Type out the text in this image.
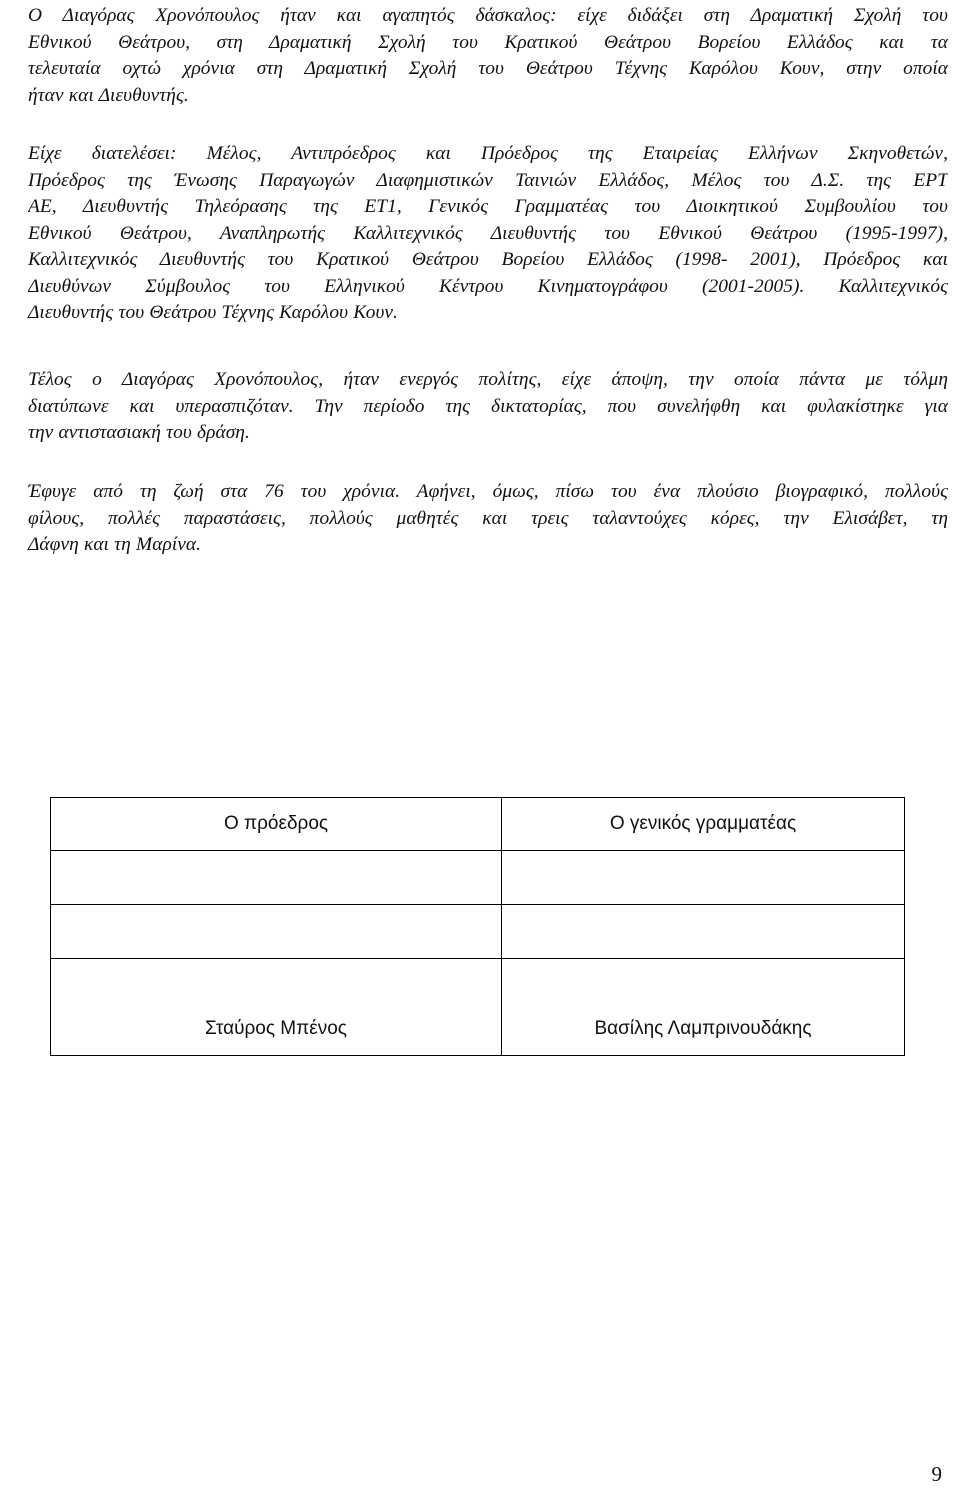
Ο Διαγόρας Χρονόπουλος ήταν και αγαπητός δάσκαλος: είχε διδάξει στη Δραματική Σχολή του
Εθνικού Θεάτρου, στη Δραματική Σχολή του Κρατικού Θεάτρου Βορείου Ελλάδος και τα
τελευταία οχτώ χρόνια στη Δραματική Σχολή του Θεάτρου Τέχνης Καρόλου Κουν, στην οποία
ήταν και Διευθυντής.
Είχε διατελέσει: Μέλος, Αντιπρόεδρος και Πρόεδρος της Εταιρείας Ελλήνων Σκηνοθετών,
Πρόεδρος της Ένωσης Παραγωγών Διαφημιστικών Ταινιών Ελλάδος, Μέλος του Δ.Σ. της ΕΡΤ
ΑΕ, Διευθυντής Τηλεόρασης της ΕΤ1, Γενικός Γραμματέας του Διοικητικού Συμβουλίου του
Εθνικού Θεάτρου, Αναπληρωτής Καλλιτεχνικός Διευθυντής του Εθνικού Θεάτρου (1995-1997),
Καλλιτεχνικός Διευθυντής του Κρατικού Θεάτρου Βορείου Ελλάδος (1998- 2001), Πρόεδρος και
Διευθύνων Σύμβουλος του Ελληνικού Κέντρου Κινηματογράφου (2001-2005). Καλλιτεχνικός
Διευθυντής του Θεάτρου Τέχνης Καρόλου Κουν.
Τέλος ο Διαγόρας Χρονόπουλος, ήταν ενεργός πολίτης, είχε άποψη, την οποία πάντα με τόλμη
διατύπωνε και υπερασπιζόταν. Την περίοδο της δικτατορίας, που συνελήφθη και φυλακίστηκε για
την αντιστασιακή του δράση.
Έφυγε από τη ζωή στα 76 του χρόνια. Αφήνει, όμως, πίσω του ένα πλούσιο βιογραφικό, πολλούς
φίλους, πολλές παραστάσεις, πολλούς μαθητές και τρεις ταλαντούχες κόρες, την Ελισάβετ, τη
Δάφνη και τη Μαρίνα.
Ο πρόεδρος	Ο γενικός γραμματέας

Σταύρος Μπένος	Βασίλης Λαμπρινουδάκης
9
